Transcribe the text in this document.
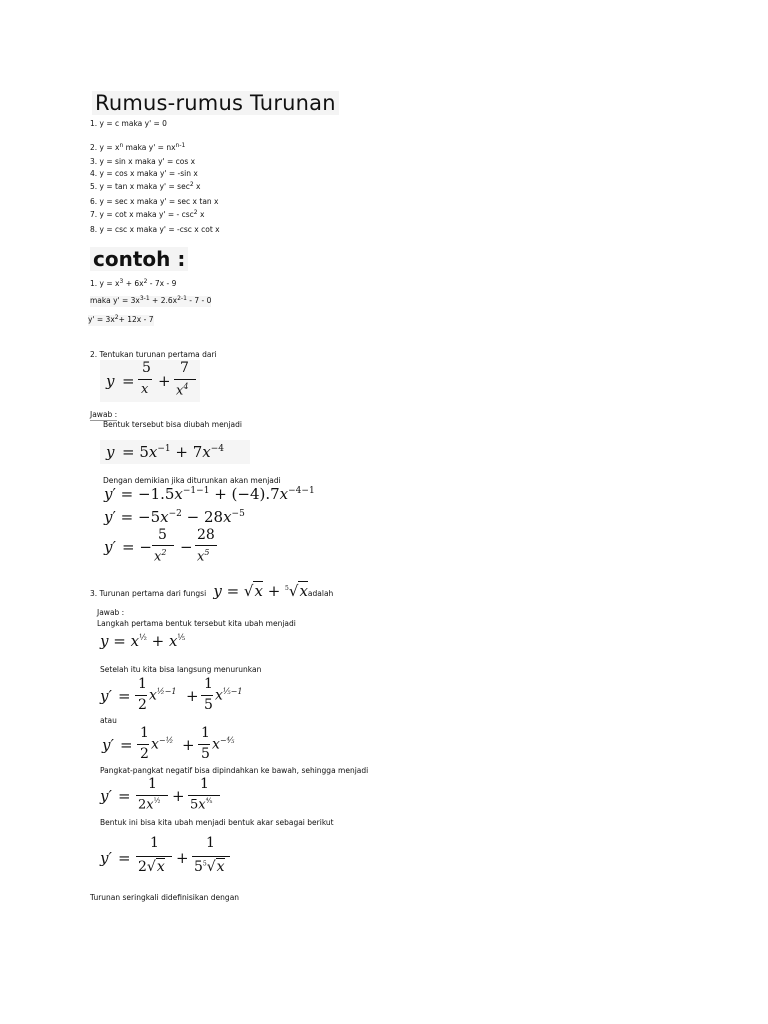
Rumus-rumus Turunan
1. y = c maka y' = 0
2. $y = x^n$ maka $y' = nx^{n-1}$
3. y = sin x maka y' = cos x
4. y = cos x maka y' = -sin x
5. y = tan x maka $y' = \sec^2 x$
6. y = sec x maka y' = sec x tan x
7. y = cot x maka y' = - $\csc^2 x$
8. y = csc x maka y' = -csc x cot x
contoh :
1. $y = x^3 + 6x^2 - 7x - 9$
maka $y' = 3x^{3-1} + 2.6x^{2-1} - 7 - 0$
$y' = 3x^2+ 12x - 7$
2. Tentukan turunan pertama dari
y =
5
x +
7
$x^4$
Jawab :
Bentuk tersebut bisa diubah menjadi
$y = 5x^{-1} + 7x^{-4}$
Dengan demikian jika diturunkan akan menjadi
$y' = -1.5x^{-1-1} + (-4).7x^{-4-1}$
$y' = -5x^{-2} - 28x^{-5}$
y′ = −
5
$x^2$ −
28
$x^5$
3. Turunan pertama dari fungsi  y = √x + $^5$√xadalah
Jawab :
Langkah pertama bentuk tersebut kita ubah menjadi
$y = x^{\frac{1}{2}} + x^{\frac{1}{5}}$
Setelah itu kita bisa langsung menurunkan
y′ =
1
2
$x^{\frac{1}{2}-1}$ +
1
5
$x^{\frac{1}{5}-1}$
atau
y′ =
1
2
$x^{-\frac{1}{2}}$ +
1
5
$x^{-\frac{4}{5}}$
Pangkat-pangkat negatif bisa dipindahkan ke bawah, sehingga menjadi
y′ =
1
$2x^{\frac{1}{2}}$ +
1
$5x^{\frac{4}{5}}$
Bentuk ini bisa kita ubah menjadi bentuk akar sebagai berikut
y′ =
1
2√x +
1
$5^5√x$
Turunan seringkali didefinisikan dengan
